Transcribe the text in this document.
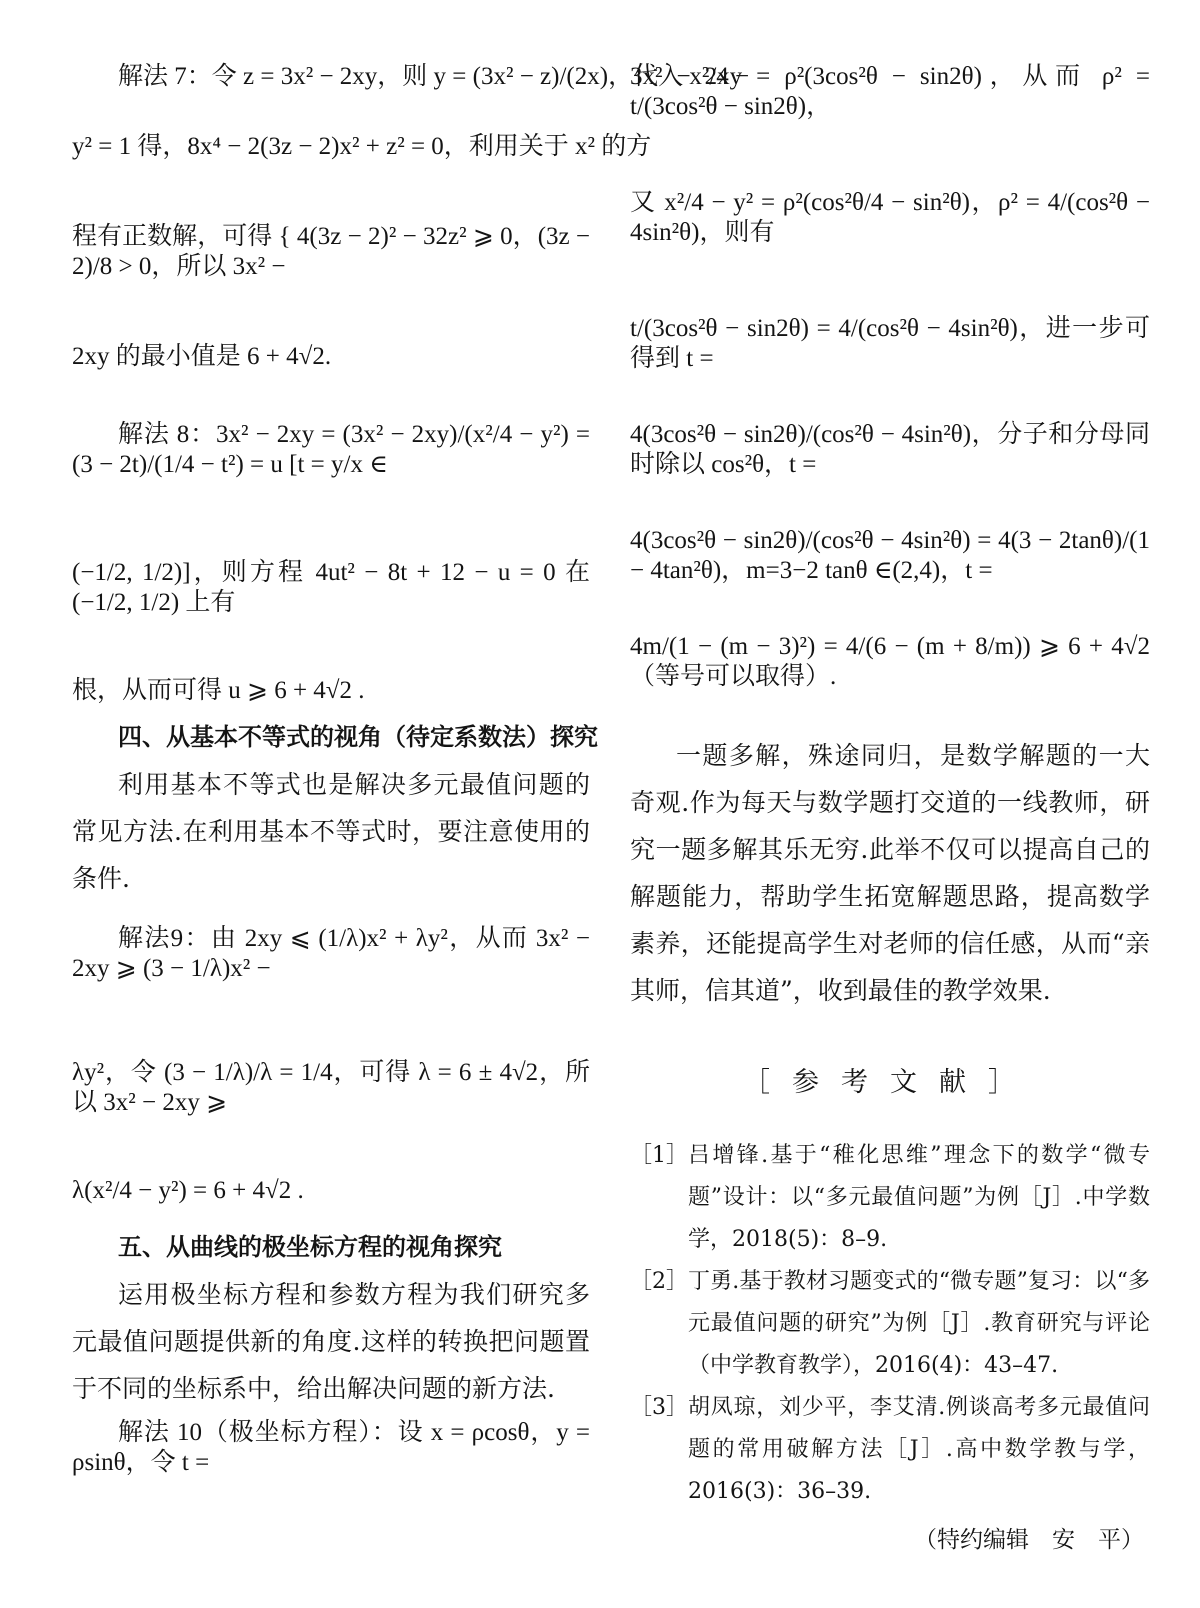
解法 7：令 z = 3x² − 2xy，则 y = (3x² − z)/(2x)，代入 x²/4 −

y² = 1 得，8x⁴ − 2(3z − 2)x² + z² = 0，利用关于 x² 的方

程有正数解，可得 { 4(3z − 2)² − 32z² ⩾ 0，(3z − 2)/8 > 0，所以 3x² −

2xy 的最小值是 6 + 4√2.

解法 8：3x² − 2xy = (3x² − 2xy)/(x²/4 − y²) = (3 − 2t)/(1/4 − t²) = u [t = y/x ∈

(−1/2, 1/2)]，则方程 4ut² − 8t + 12 − u = 0 在 (−1/2, 1/2) 上有

根，从而可得 u ⩾ 6 + 4√2 .

四、从基本不等式的视角（待定系数法）探究

利用基本不等式也是解决多元最值问题的常见方法.在利用基本不等式时，要注意使用的条件.

解法9：由 2xy ⩽ (1/λ)x² + λy²，从而 3x² − 2xy ⩾ (3 − 1/λ)x² −

λy²，令 (3 − 1/λ)/λ = 1/4，可得 λ = 6 ± 4√2，所以 3x² − 2xy ⩾

λ(x²/4 − y²) = 6 + 4√2 .

五、从曲线的极坐标方程的视角探究

运用极坐标方程和参数方程为我们研究多元最值问题提供新的角度.这样的转换把问题置于不同的坐标系中，给出解决问题的新方法.

解法 10（极坐标方程）：设 x = ρcosθ，y = ρsinθ，令 t =

3x² − 2xy = ρ²(3cos²θ − sin2θ)，从而 ρ² = t/(3cos²θ − sin2θ)，

又 x²/4 − y² = ρ²(cos²θ/4 − sin²θ)，ρ² = 4/(cos²θ − 4sin²θ)，则有

t/(3cos²θ − sin2θ) = 4/(cos²θ − 4sin²θ)，进一步可得到 t =

4(3cos²θ − sin2θ)/(cos²θ − 4sin²θ)，分子和分母同时除以 cos²θ，t =

4(3cos²θ − sin2θ)/(cos²θ − 4sin²θ) = 4(3 − 2tanθ)/(1 − 4tan²θ)，m=3−2 tanθ ∈(2,4)，t =

4m/(1 − (m − 3)²) = 4/(6 − (m + 8/m)) ⩾ 6 + 4√2（等号可以取得）.

一题多解，殊途同归，是数学解题的一大奇观.作为每天与数学题打交道的一线教师，研究一题多解其乐无穷.此举不仅可以提高自己的解题能力，帮助学生拓宽解题思路，提高数学素养，还能提高学生对老师的信任感，从而“亲其师，信其道”，收到最佳的教学效果.

［参考文献］
［1］ 吕增锋.基于“稚化思维”理念下的数学“微专题”设计：以“多元最值问题”为例［J］.中学数学，2018(5)：8–9.
［2］ 丁勇.基于教材习题变式的“微专题”复习：以“多元最值问题的研究”为例［J］.教育研究与评论（中学教育教学），2016(4)：43–47.
［3］ 胡凤琼，刘少平，李艾清.例谈高考多元最值问题的常用破解方法［J］.高中数学教与学，2016(3)：36–39.
（特约编辑　安　平）
